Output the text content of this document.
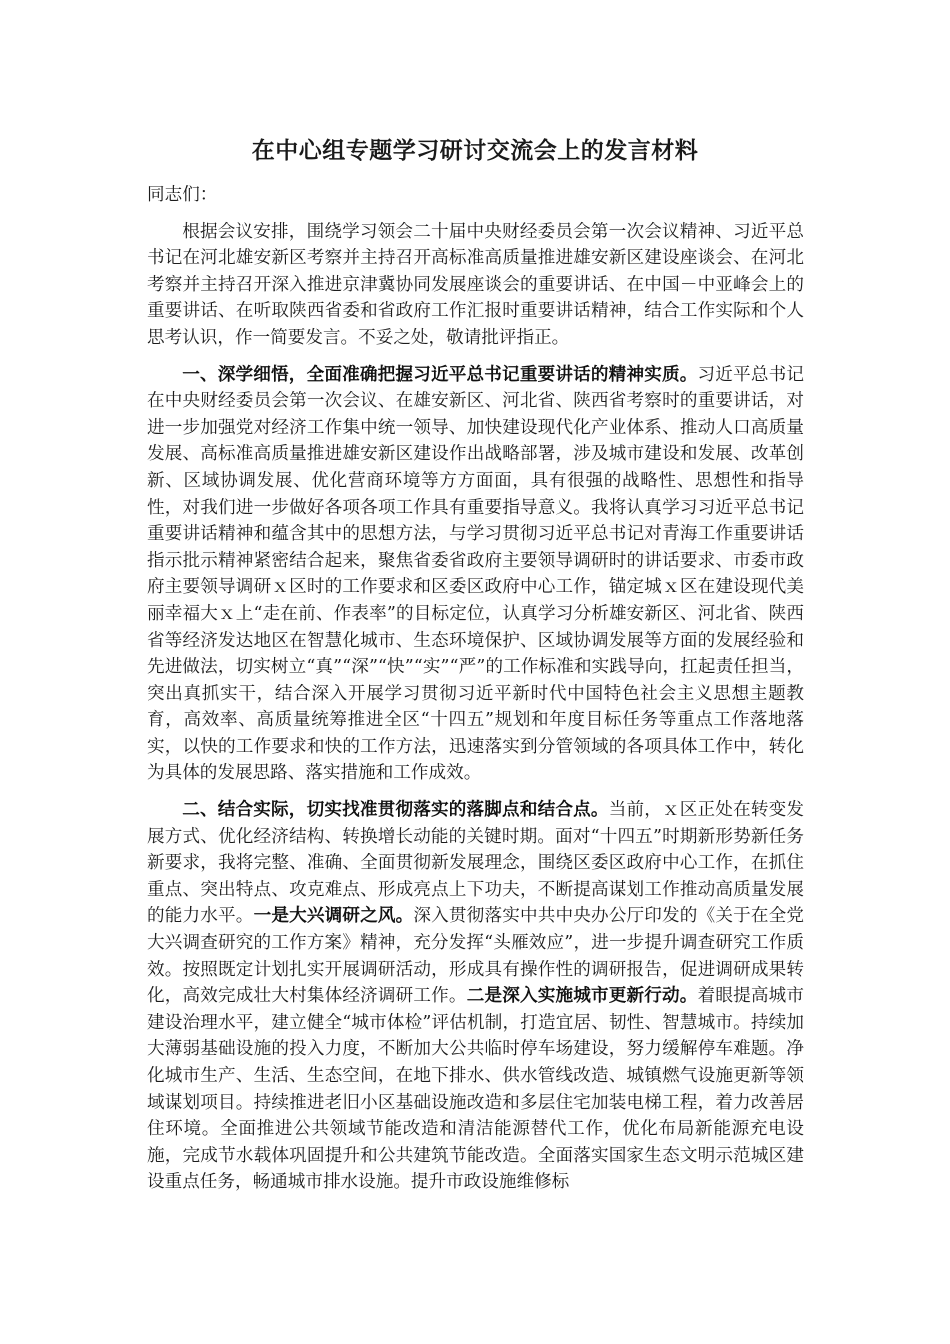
在中心组专题学习研讨交流会上的发言材料

同志们：

根据会议安排，围绕学习领会二十届中央财经委员会第一次会议精神、习近平总书记在河北雄安新区考察并主持召开高标准高质量推进雄安新区建设座谈会、在河北考察并主持召开深入推进京津冀协同发展座谈会的重要讲话、在中国－中亚峰会上的重要讲话、在听取陕西省委和省政府工作汇报时重要讲话精神，结合工作实际和个人思考认识，作一简要发言。不妥之处，敬请批评指正。

一、深学细悟，全面准确把握习近平总书记重要讲话的精神实质。习近平总书记在中央财经委员会第一次会议、在雄安新区、河北省、陕西省考察时的重要讲话，对进一步加强党对经济工作集中统一领导、加快建设现代化产业体系、推动人口高质量发展、高标准高质量推进雄安新区建设作出战略部署，涉及城市建设和发展、改革创新、区域协调发展、优化营商环境等方方面面，具有很强的战略性、思想性和指导性，对我们进一步做好各项各项工作具有重要指导意义。我将认真学习习近平总书记重要讲话精神和蕴含其中的思想方法，与学习贯彻习近平总书记对青海工作重要讲话指示批示精神紧密结合起来，聚焦省委省政府主要领导调研时的讲话要求、市委市政府主要领导调研ｘ区时的工作要求和区委区政府中心工作，锚定城ｘ区在建设现代美丽幸福大ｘ上“走在前、作表率”的目标定位，认真学习分析雄安新区、河北省、陕西省等经济发达地区在智慧化城市、生态环境保护、区域协调发展等方面的发展经验和先进做法，切实树立“真”“深”“快”“实”“严”的工作标准和实践导向，扛起责任担当，突出真抓实干，结合深入开展学习贯彻习近平新时代中国特色社会主义思想主题教育，高效率、高质量统筹推进全区“十四五”规划和年度目标任务等重点工作落地落实，以快的工作要求和快的工作方法，迅速落实到分管领域的各项具体工作中，转化为具体的发展思路、落实措施和工作成效。

二、结合实际，切实找准贯彻落实的落脚点和结合点。当前，ｘ区正处在转变发展方式、优化经济结构、转换增长动能的关键时期。面对“十四五”时期新形势新任务新要求，我将完整、准确、全面贯彻新发展理念，围绕区委区政府中心工作，在抓住重点、突出特点、攻克难点、形成亮点上下功夫，不断提高谋划工作推动高质量发展的能力水平。一是大兴调研之风。深入贯彻落实中共中央办公厅印发的《关于在全党大兴调查研究的工作方案》精神，充分发挥“头雁效应”，进一步提升调查研究工作质效。按照既定计划扎实开展调研活动，形成具有操作性的调研报告，促进调研成果转化，高效完成壮大村集体经济调研工作。二是深入实施城市更新行动。着眼提高城市建设治理水平，建立健全“城市体检”评估机制，打造宜居、韧性、智慧城市。持续加大薄弱基础设施的投入力度，不断加大公共临时停车场建设，努力缓解停车难题。净化城市生产、生活、生态空间，在地下排水、供水管线改造、城镇燃气设施更新等领域谋划项目。持续推进老旧小区基础设施改造和多层住宅加装电梯工程，着力改善居住环境。全面推进公共领域节能改造和清洁能源替代工作，优化布局新能源充电设施，完成节水载体巩固提升和公共建筑节能改造。全面落实国家生态文明示范城区建设重点任务，畅通城市排水设施。提升市政设施维修标
